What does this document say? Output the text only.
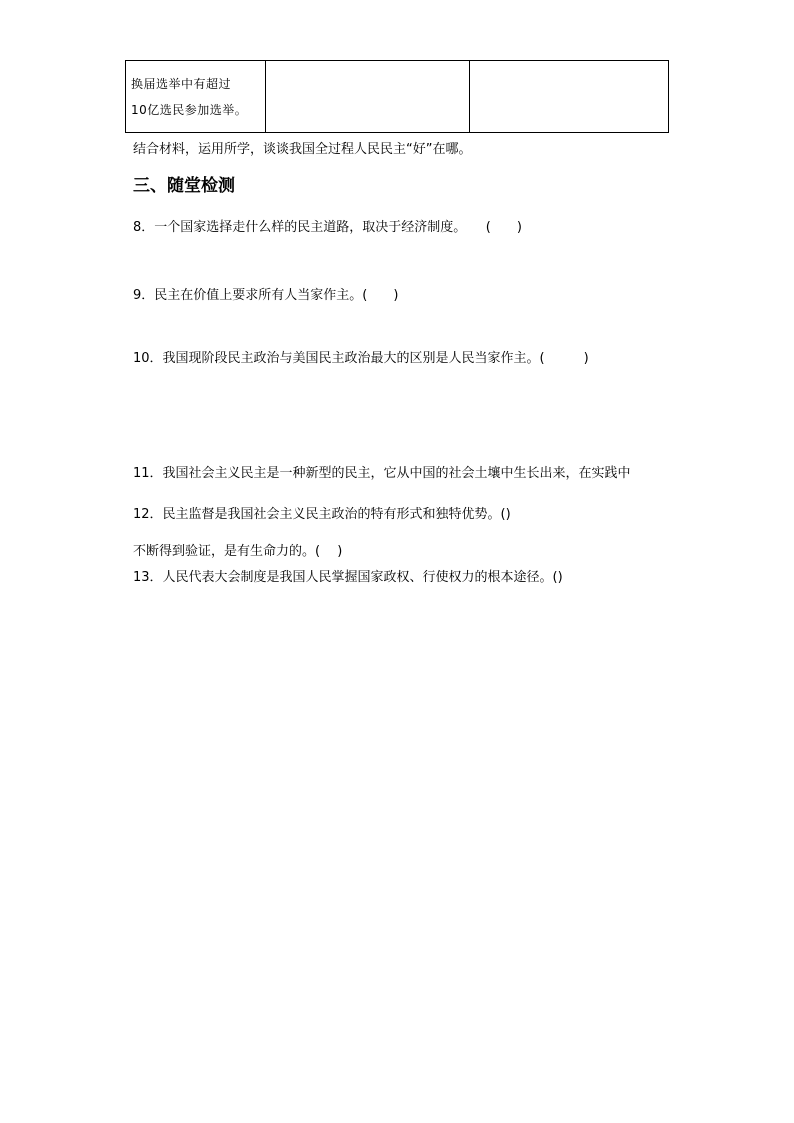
换届选举中有超过
10亿选民参加选举。

结合材料，运用所学，谈谈我国全过程人民民主“好”在哪。
三、随堂检测
8．一个国家选择走什么样的民主道路，取决于经济制度。　　(　　)
9．民主在价值上要求所有人当家作主。(　　)
10．我国现阶段民主政治与美国民主政治最大的区别是人民当家作主。(　　　)

11．我国社会主义民主是一种新型的民主，它从中国的社会土壤中生长出来，在实践中

不断得到验证，是有生命力的。(　 )

12．民主监督是我国社会主义民主政治的特有形式和独特优势。()
13．人民代表大会制度是我国人民掌握国家政权、行使权力的根本途径。()
